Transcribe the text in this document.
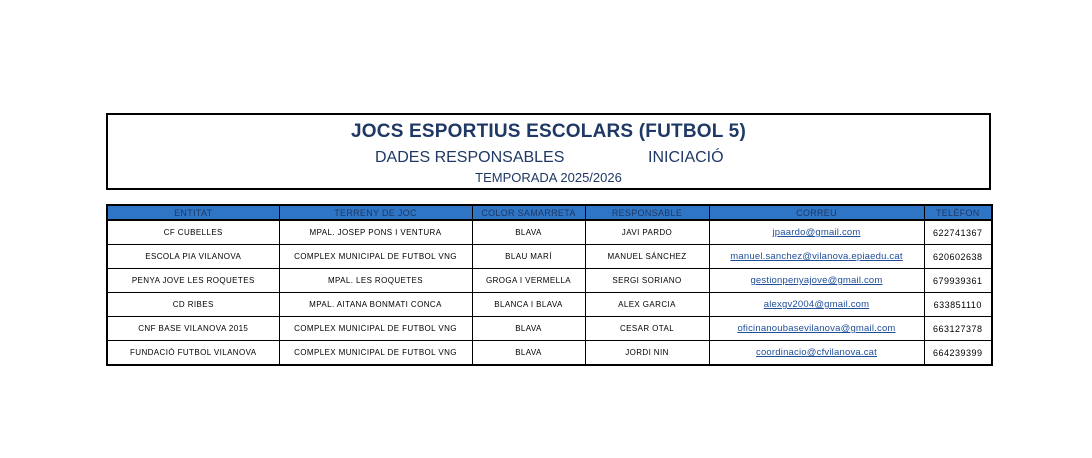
JOCS ESPORTIUS ESCOLARS (FUTBOL 5)
DADES RESPONSABLES	INICIACIÓ
TEMPORADA 2025/2026
ENTITAT	TERRENY DE JOC	COLOR SAMARRETA	RESPONSABLE	CORREU	TELÈFON
CF CUBELLES	MPAL. JOSEP PONS I VENTURA	BLAVA	JAVI PARDO	jpaardo@gmail.com	622741367
ESCOLA PIA VILANOVA	COMPLEX MUNICIPAL DE FUTBOL VNG	BLAU MARÍ	MANUEL SÁNCHEZ	manuel.sanchez@vilanova.epiaedu.cat	620602638
PENYA JOVE LES ROQUETES	MPAL. LES ROQUETES	GROGA I VERMELLA	SERGI SORIANO	gestionpenyajove@gmail.com	679939361
CD RIBES	MPAL. AITANA BONMATI CONCA	BLANCA I BLAVA	ALEX GARCIA	alexgv2004@gmail.com	633851110
CNF BASE VILANOVA 2015	COMPLEX MUNICIPAL DE FUTBOL VNG	BLAVA	CESAR OTAL	oficinanoubasevilanova@gmail.com	663127378
FUNDACIÓ FUTBOL VILANOVA	COMPLEX MUNICIPAL DE FUTBOL VNG	BLAVA	JORDI NIN	coordinacio@cfvilanova.cat	664239399
